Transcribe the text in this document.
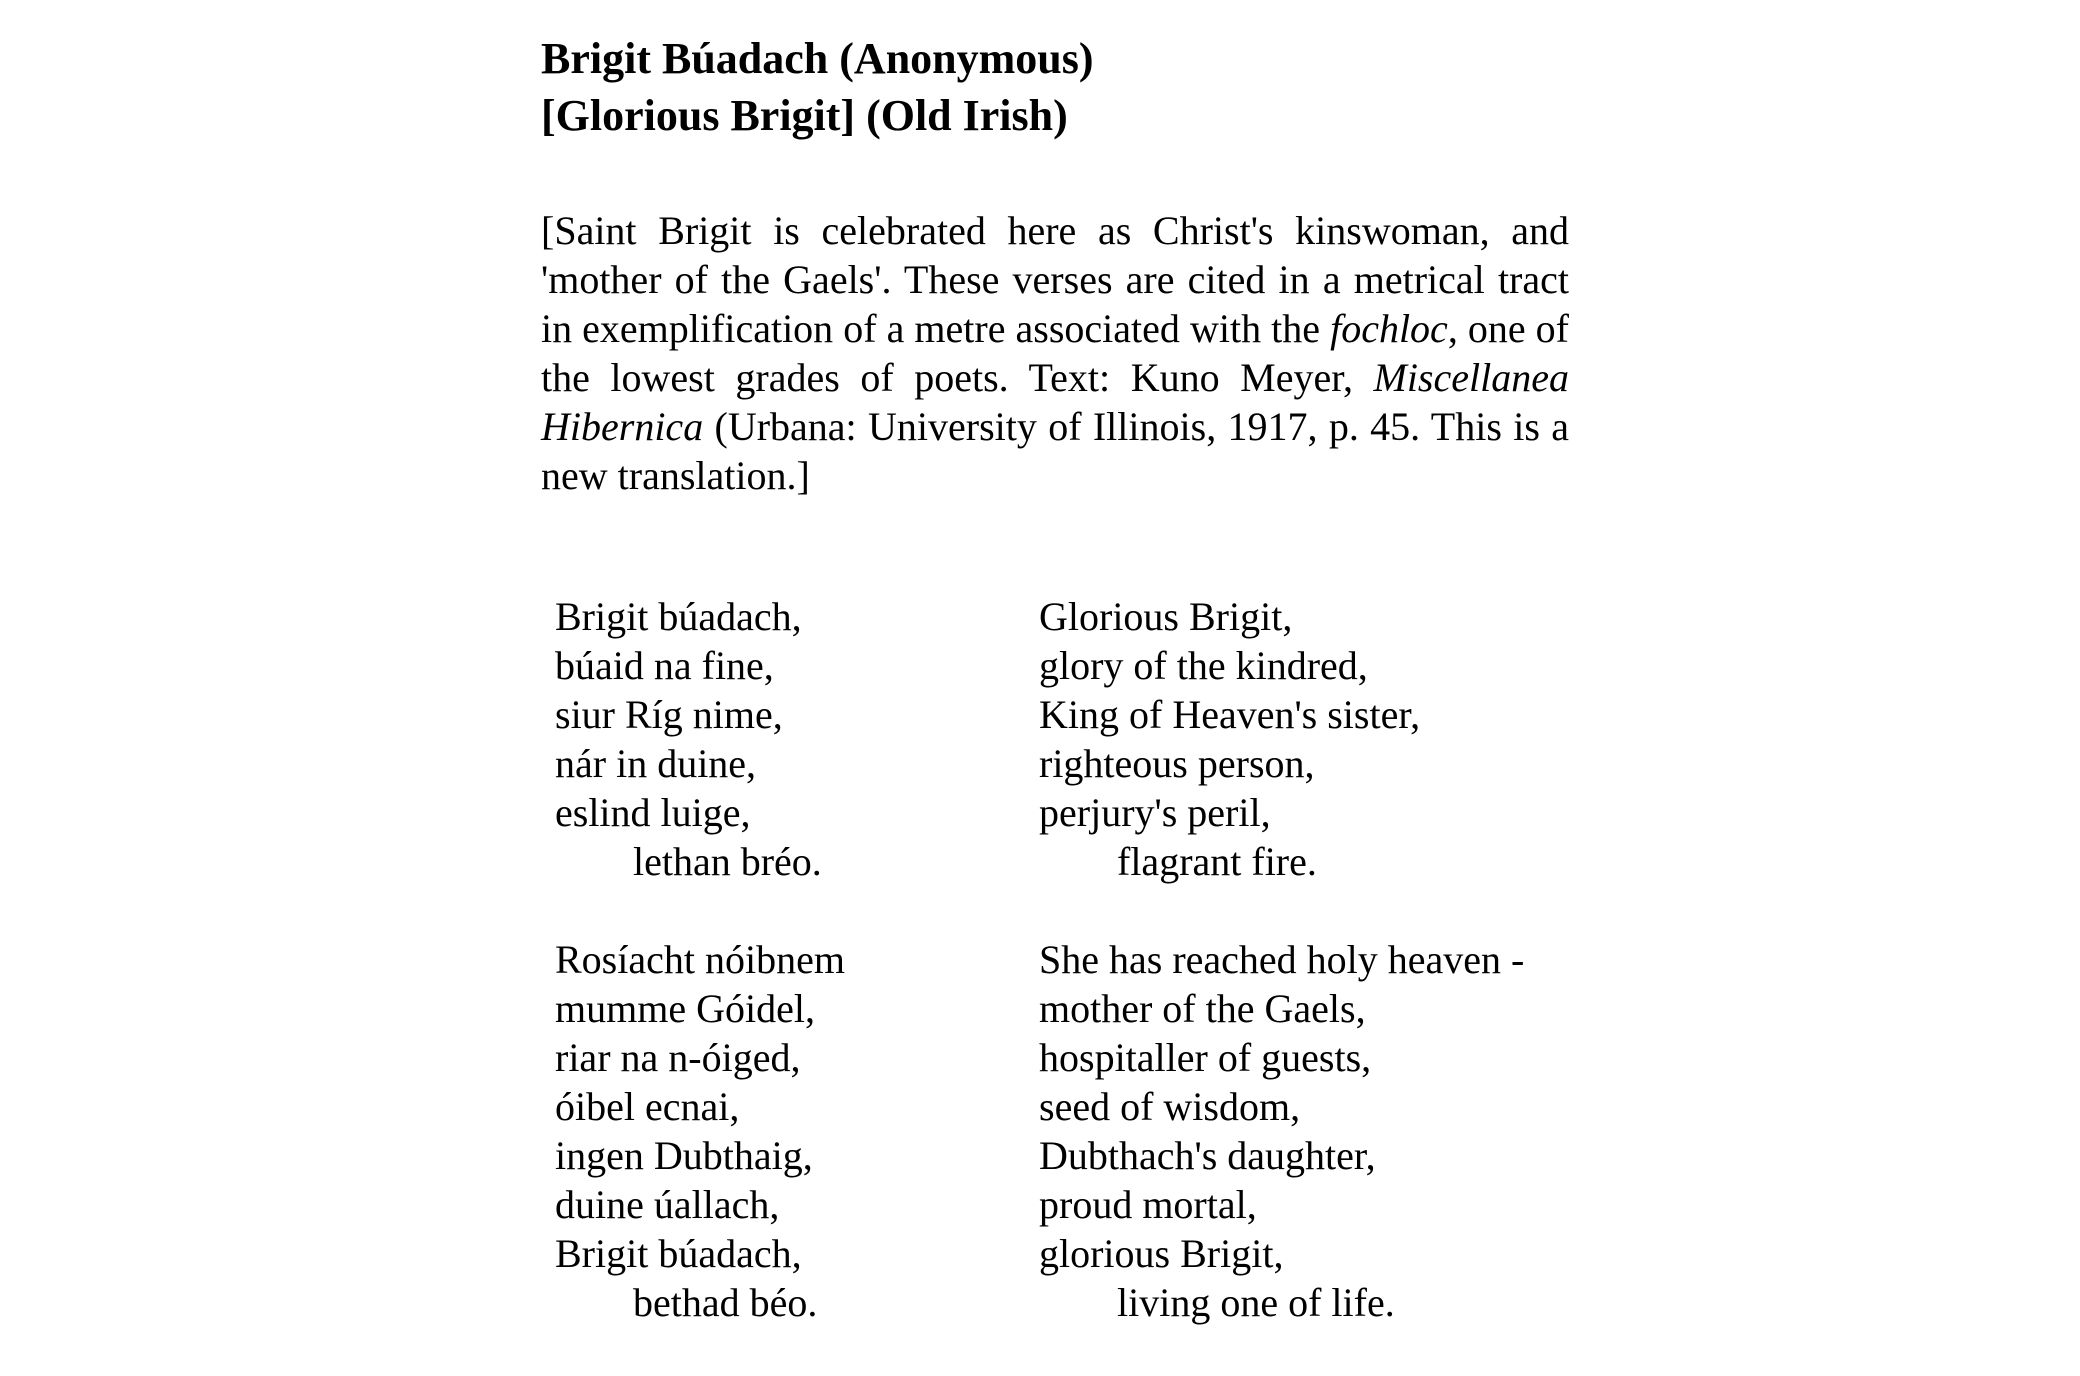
Brigit Búadach (Anonymous)
[Glorious Brigit] (Old Irish)
[Saint Brigit is celebrated here as Christ's kinswoman, and 'mother of the Gaels'. These verses are cited in a metrical tract in exemplification of a metre associated with the fochloc, one of the lowest grades of poets. Text: Kuno Meyer, Miscellanea Hibernica (Urbana: University of Illinois, 1917, p. 45. This is a new translation.]
Brigit búadach,
búaid na fine,
siur Ríg nime,
nár in duine,
eslind luige,
lethan bréo.
Glorious Brigit,
glory of the kindred,
King of Heaven's sister,
righteous person,
perjury's peril,
flagrant fire.
Rosíacht nóibnem
mumme Góidel,
riar na n-óiged,
óibel ecnai,
ingen Dubthaig,
duine úallach,
Brigit búadach,
bethad béo.
She has reached holy heaven -
mother of the Gaels,
hospitaller of guests,
seed of wisdom,
Dubthach's daughter,
proud mortal,
glorious Brigit,
living one of life.
